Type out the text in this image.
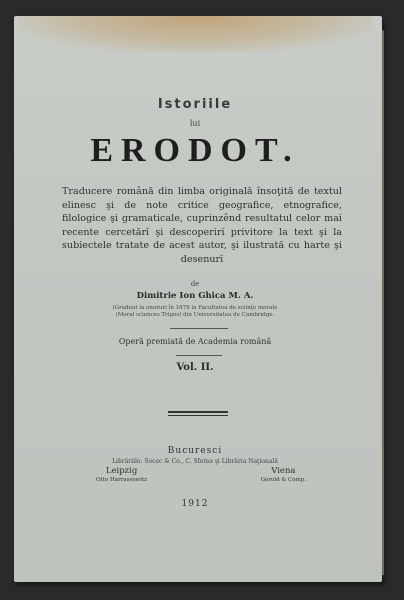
Istoriile
lui
ERODOT.
Traducere română din limba originală însoţită de textul elinesc şi de note critice geografice, etnografice, filologice şi gramaticale, cuprinzênd resultatul celor maĭ recente cercetărĭ şi descoperirĭ privitore la text şi la subiectele tratate de acest autor, şi ilustrată cu harte şi desenurĭ
de
Dimitrie Ion Ghica M. A.
(Graduat la onoruri în 1879 la Facultatea de sciinţe morale
(Moral sciences Tripos) din Universitatea de Cambridge.
Operă premiată de Academia română
Vol. II.
Bucuresci
Librăriile: Socec & Co., C. Sfetea şi Librăria Naţională
Leipzig
Otto Harrassowitz
Viena
Gerold & Comp.
1912
